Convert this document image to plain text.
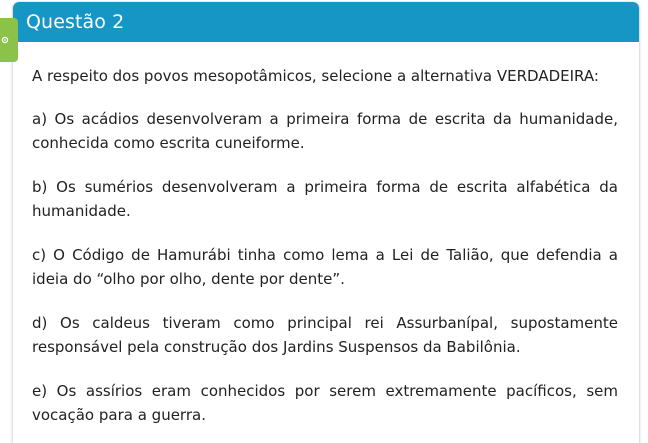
Questão 2

A respeito dos povos mesopotâmicos, selecione a alternativa VERDADEIRA:

a) Os acádios desenvolveram a primeira forma de escrita da humanidade, conhecida como escrita cuneiforme.

b) Os sumérios desenvolveram a primeira forma de escrita alfabética da humanidade.

c) O Código de Hamurábi tinha como lema a Lei de Talião, que defendia a ideia do “olho por olho, dente por dente”.

d) Os caldeus tiveram como principal rei Assurbanípal, supostamente responsável pela construção dos Jardins Suspensos da Babilônia.

e) Os assírios eram conhecidos por serem extremamente pacíficos, sem vocação para a guerra.
